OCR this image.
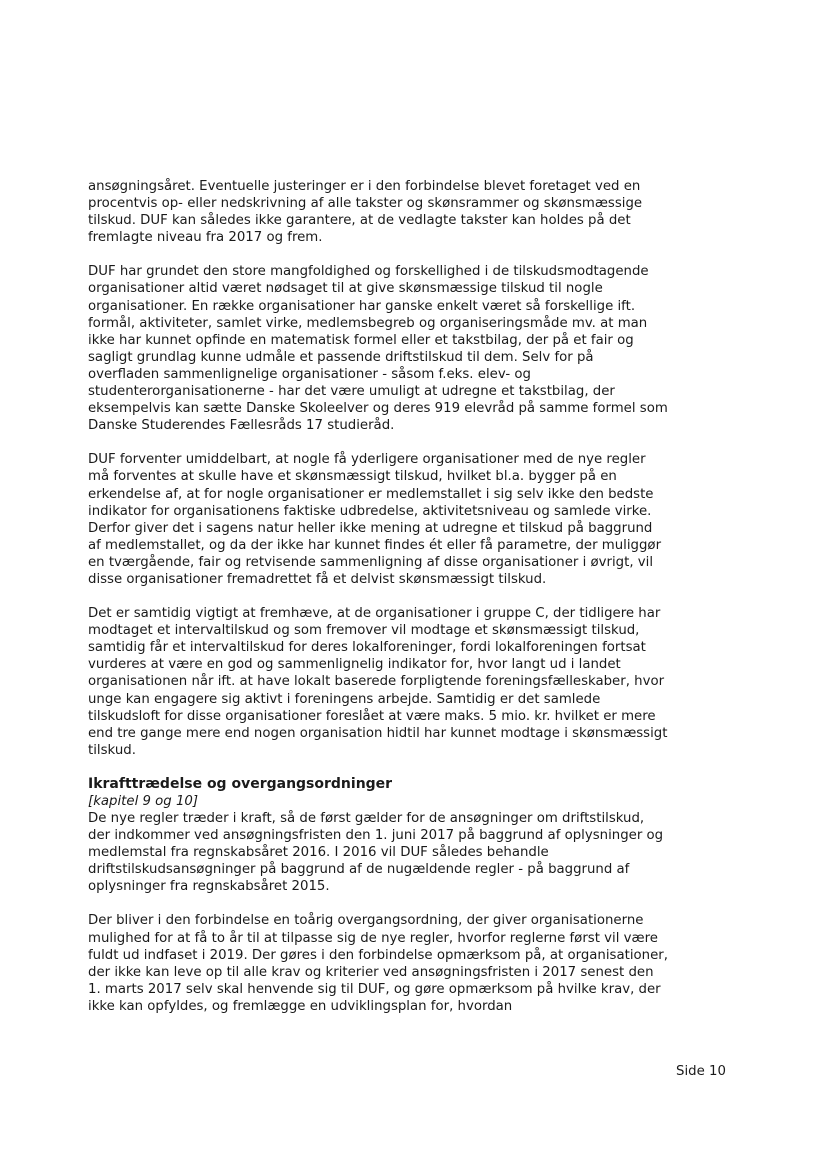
ansøgningsåret. Eventuelle justeringer er i den forbindelse blevet foretaget ved en procentvis op- eller nedskrivning af alle takster og skønsrammer og skønsmæssige tilskud. DUF kan således ikke garantere, at de vedlagte takster kan holdes på det fremlagte niveau fra 2017 og frem.

DUF har grundet den store mangfoldighed og forskellighed i de tilskudsmodtagende organisationer altid været nødsaget til at give skønsmæssige tilskud til nogle organisationer. En række organisationer har ganske enkelt været så forskellige ift. formål, aktiviteter, samlet virke, medlemsbegreb og organiseringsmåde mv. at man ikke har kunnet opfinde en matematisk formel eller et takstbilag, der på et fair og sagligt grundlag kunne udmåle et passende driftstilskud til dem. Selv for på overfladen sammenlignelige organisationer - såsom f.eks. elev- og studenterorganisationerne - har det være umuligt at udregne et takstbilag, der eksempelvis kan sætte Danske Skoleelver og deres 919 elevråd på samme formel som Danske Studerendes Fællesråds 17 studieråd.

DUF forventer umiddelbart, at nogle få yderligere organisationer med de nye regler må forventes at skulle have et skønsmæssigt tilskud, hvilket bl.a. bygger på en erkendelse af, at for nogle organisationer er medlemstallet i sig selv ikke den bedste indikator for organisationens faktiske udbredelse, aktivitetsniveau og samlede virke. Derfor giver det i sagens natur heller ikke mening at udregne et tilskud på baggrund af medlemstallet, og da der ikke har kunnet findes ét eller få parametre, der muliggør en tværgående, fair og retvisende sammenligning af disse organisationer i øvrigt, vil disse organisationer fremadrettet få et delvist skønsmæssigt tilskud.

Det er samtidig vigtigt at fremhæve, at de organisationer i gruppe C, der tidligere har modtaget et intervaltilskud og som fremover vil modtage et skønsmæssigt tilskud, samtidig får et intervaltilskud for deres lokalforeninger, fordi lokalforeningen fortsat vurderes at være en god og sammenlignelig indikator for, hvor langt ud i landet organisationen når ift. at have lokalt baserede forpligtende foreningsfælleskaber, hvor unge kan engagere sig aktivt i foreningens arbejde. Samtidig er det samlede tilskudsloft for disse organisationer foreslået at være maks. 5 mio. kr. hvilket er mere end tre gange mere end nogen organisation hidtil har kunnet modtage i skønsmæssigt tilskud.

Ikrafttrædelse og overgangsordninger

[kapitel 9 og 10]

De nye regler træder i kraft, så de først gælder for de ansøgninger om driftstilskud, der indkommer ved ansøgningsfristen den 1. juni 2017 på baggrund af oplysninger og medlemstal fra regnskabsåret 2016. I 2016 vil DUF således behandle driftstilskudsansøgninger på baggrund af de nugældende regler - på baggrund af oplysninger fra regnskabsåret 2015.

Der bliver i den forbindelse en toårig overgangsordning, der giver organisationerne mulighed for at få to år til at tilpasse sig de nye regler, hvorfor reglerne først vil være fuldt ud indfaset i 2019. Der gøres i den forbindelse opmærksom på, at organisationer, der ikke kan leve op til alle krav og kriterier ved ansøgningsfristen i 2017 senest den 1. marts 2017 selv skal henvende sig til DUF, og gøre opmærksom på hvilke krav, der ikke kan opfyldes, og fremlægge en udviklingsplan for, hvordan

Side 10
